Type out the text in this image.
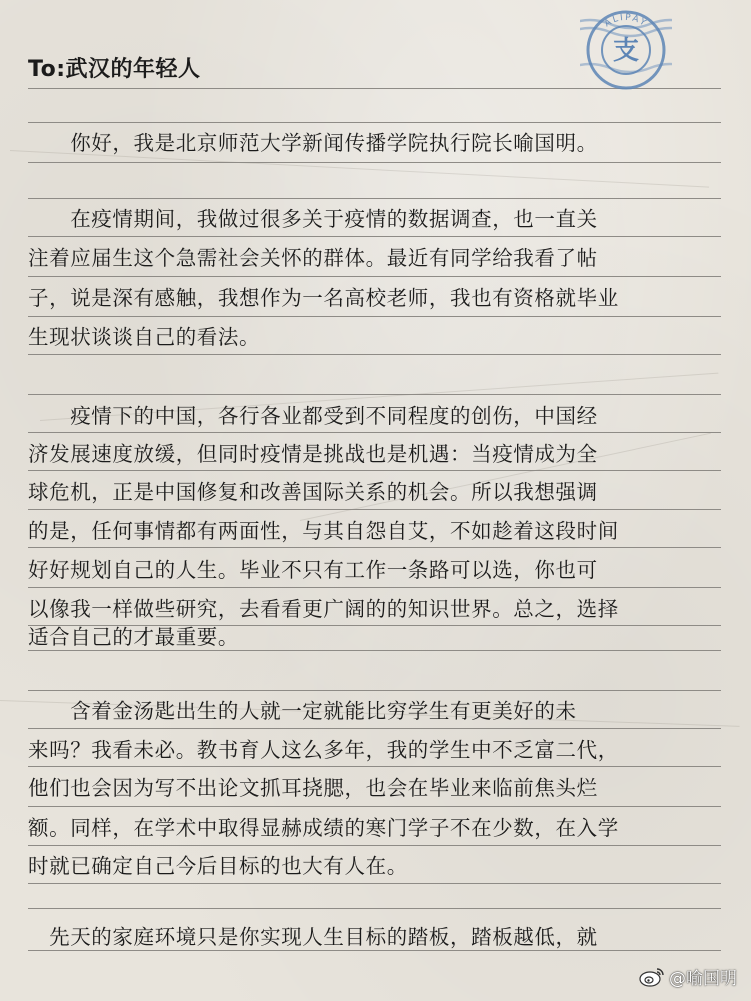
ALIPAY
支
To:武汉的年轻人
　　你好，我是北京师范大学新闻传播学院执行院长喻国明。
　　在疫情期间，我做过很多关于疫情的数据调查，也一直关
注着应届生这个急需社会关怀的群体。最近有同学给我看了帖
子，说是深有感触，我想作为一名高校老师，我也有资格就毕业
生现状谈谈自己的看法。
　　疫情下的中国，各行各业都受到不同程度的创伤，中国经
济发展速度放缓，但同时疫情是挑战也是机遇：当疫情成为全
球危机，正是中国修复和改善国际关系的机会。所以我想强调
的是，任何事情都有两面性，与其自怨自艾，不如趁着这段时间
好好规划自己的人生。毕业不只有工作一条路可以选，你也可
以像我一样做些研究，去看看更广阔的的知识世界。总之，选择
适合自己的才最重要。
　　含着金汤匙出生的人就一定就能比穷学生有更美好的未
来吗？我看未必。教书育人这么多年，我的学生中不乏富二代，
他们也会因为写不出论文抓耳挠腮，也会在毕业来临前焦头烂
额。同样，在学术中取得显赫成绩的寒门学子不在少数，在入学
时就已确定自己今后目标的也大有人在。
　先天的家庭环境只是你实现人生目标的踏板，踏板越低，就
@喻国明
